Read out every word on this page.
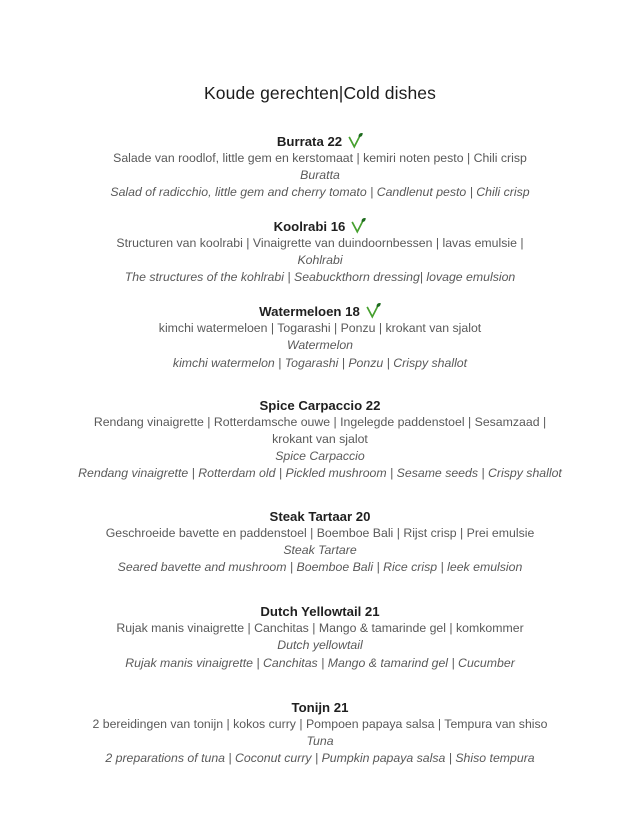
Koude gerechten|Cold dishes
Burrata 22
Salade van roodlof, little gem en kerstomaat | kemiri noten pesto | Chili crisp
Buratta
Salad of radicchio, little gem and cherry tomato | Candlenut pesto | Chili crisp
Koolrabi 16
Structuren van koolrabi | Vinaigrette van duindoornbessen | lavas emulsie |
Kohlrabi
The structures of the kohlrabi | Seabuckthorn dressing| lovage emulsion
Watermeloen 18
kimchi watermeloen | Togarashi | Ponzu | krokant van sjalot
Watermelon
kimchi watermelon | Togarashi | Ponzu | Crispy shallot
Spice Carpaccio 22
Rendang vinaigrette | Rotterdamsche ouwe | Ingelegde paddenstoel | Sesamzaad |
krokant van sjalot
Spice Carpaccio
Rendang vinaigrette | Rotterdam old | Pickled mushroom | Sesame seeds | Crispy shallot
Steak Tartaar 20
Geschroeide bavette en paddenstoel | Boemboe Bali | Rijst crisp | Prei emulsie
Steak Tartare
Seared bavette and mushroom | Boemboe Bali | Rice crisp | leek emulsion
Dutch Yellowtail 21
Rujak manis vinaigrette | Canchitas | Mango & tamarinde gel | komkommer
Dutch yellowtail
Rujak manis vinaigrette | Canchitas | Mango & tamarind gel | Cucumber
Tonijn 21
2 bereidingen van tonijn | kokos curry | Pompoen papaya salsa | Tempura van shiso
Tuna
2 preparations of tuna | Coconut curry | Pumpkin papaya salsa | Shiso tempura
